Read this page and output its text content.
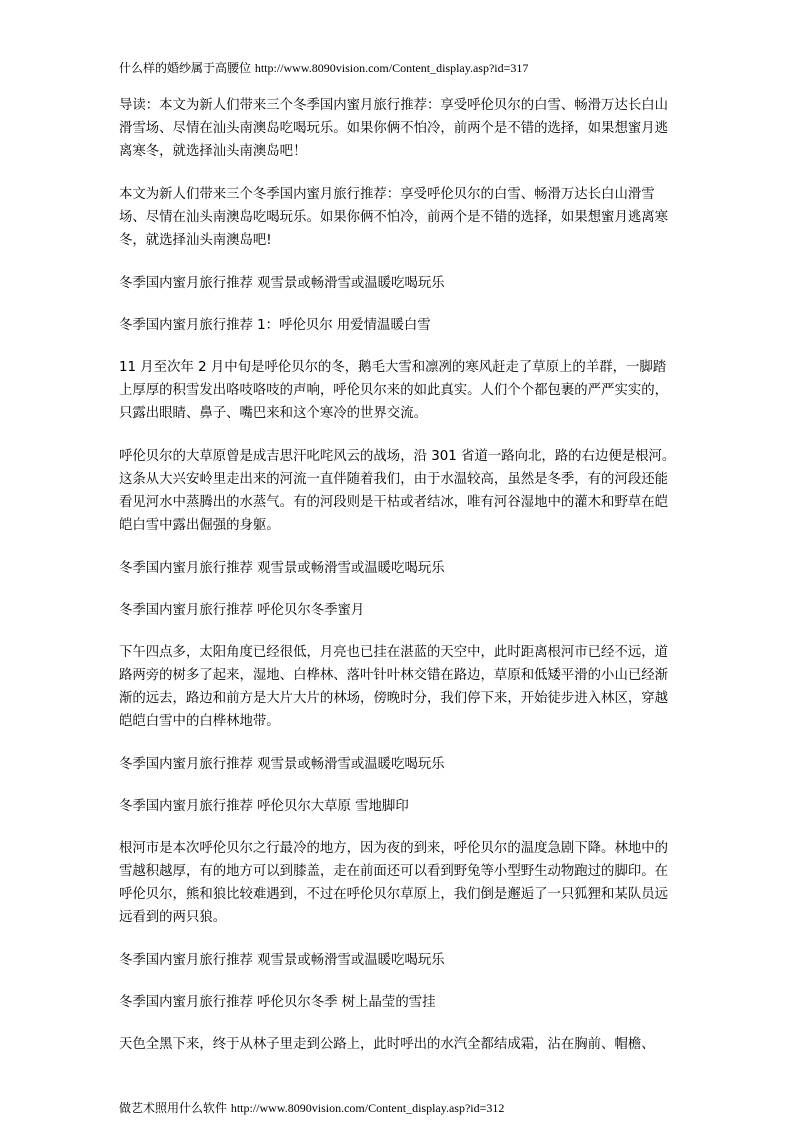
什么样的婚纱属于高腰位 http://www.8090vision.com/Content_display.asp?id=317

导读：本文为新人们带来三个冬季国内蜜月旅行推荐：享受呼伦贝尔的白雪、畅滑万达长白山滑雪场、尽情在汕头南澳岛吃喝玩乐。如果你俩不怕冷，前两个是不错的选择，如果想蜜月逃离寒冬，就选择汕头南澳岛吧！

本文为新人们带来三个冬季国内蜜月旅行推荐：享受呼伦贝尔的白雪、畅滑万达长白山滑雪场、尽情在汕头南澳岛吃喝玩乐。如果你俩不怕冷，前两个是不错的选择，如果想蜜月逃离寒冬，就选择汕头南澳岛吧!

冬季国内蜜月旅行推荐 观雪景或畅滑雪或温暖吃喝玩乐

冬季国内蜜月旅行推荐 1：呼伦贝尔 用爱情温暖白雪

11 月至次年 2 月中旬是呼伦贝尔的冬，鹅毛大雪和凛冽的寒风赶走了草原上的羊群，一脚踏上厚厚的积雪发出咯吱咯吱的声响，呼伦贝尔来的如此真实。人们个个都包裹的严严实实的，只露出眼睛、鼻子、嘴巴来和这个寒冷的世界交流。

呼伦贝尔的大草原曾是成吉思汗叱咤风云的战场，沿 301 省道一路向北，路的右边便是根河。这条从大兴安岭里走出来的河流一直伴随着我们，由于水温较高，虽然是冬季，有的河段还能看见河水中蒸腾出的水蒸气。有的河段则是干枯或者结冰，唯有河谷湿地中的灌木和野草在皑皑白雪中露出倔强的身躯。

冬季国内蜜月旅行推荐 观雪景或畅滑雪或温暖吃喝玩乐

冬季国内蜜月旅行推荐 呼伦贝尔冬季蜜月

下午四点多，太阳角度已经很低，月亮也已挂在湛蓝的天空中，此时距离根河市已经不远，道路两旁的树多了起来，湿地、白桦林、落叶针叶林交错在路边，草原和低矮平滑的小山已经渐渐的远去，路边和前方是大片大片的林场，傍晚时分，我们停下来，开始徒步进入林区，穿越皑皑白雪中的白桦林地带。

冬季国内蜜月旅行推荐 观雪景或畅滑雪或温暖吃喝玩乐

冬季国内蜜月旅行推荐 呼伦贝尔大草原 雪地脚印

根河市是本次呼伦贝尔之行最冷的地方，因为夜的到来，呼伦贝尔的温度急剧下降。林地中的雪越积越厚，有的地方可以到膝盖，走在前面还可以看到野兔等小型野生动物跑过的脚印。在呼伦贝尔，熊和狼比较难遇到，不过在呼伦贝尔草原上，我们倒是邂逅了一只狐狸和某队员远远看到的两只狼。

冬季国内蜜月旅行推荐 观雪景或畅滑雪或温暖吃喝玩乐

冬季国内蜜月旅行推荐 呼伦贝尔冬季 树上晶莹的雪挂

天色全黑下来，终于从林子里走到公路上，此时呼出的水汽全都结成霜，沾在胸前、帽檐、

做艺术照用什么软件 http://www.8090vision.com/Content_display.asp?id=312
